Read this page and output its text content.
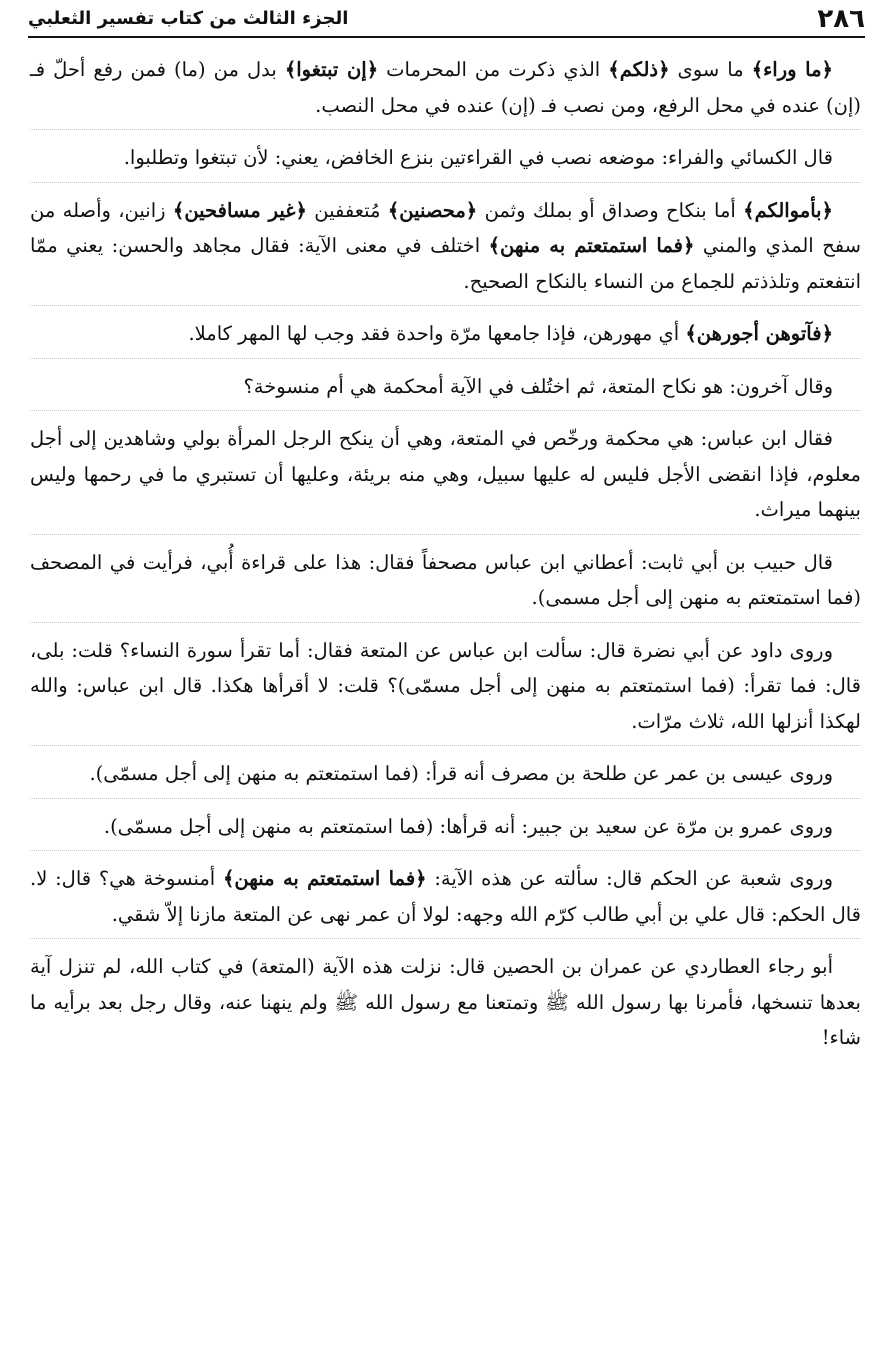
٢٨٦
الجزء الثالث من كتاب تفسير الثعلبي

﴿ما وراء﴾ ما سوى ﴿ذلكم﴾ الذي ذكرت من المحرمات ﴿إن تبتغوا﴾ بدل من (ما) فمن رفع أحلّ فـ (إن) عنده في محل الرفع، ومن نصب فـ (إن) عنده في محل النصب.

قال الكسائي والفراء: موضعه نصب في القراءتين بنزع الخافض، يعني: لأن تبتغوا وتطلبوا.

﴿بأموالكم﴾ أما بنكاح وصداق أو بملك وثمن ﴿محصنين﴾ مُتعففين ﴿غير مسافحين﴾ زانين، وأصله من سفح المذي والمني ﴿فما استمتعتم به منهن﴾ اختلف في معنى الآية: فقال مجاهد والحسن: يعني ممّا انتفعتم وتلذذتم للجماع من النساء بالنكاح الصحيح.

﴿فآتوهن أجورهن﴾ أي مهورهن، فإذا جامعها مرّة واحدة فقد وجب لها المهر كاملا.

وقال آخرون: هو نكاح المتعة، ثم اختُلف في الآية أمحكمة هي أم منسوخة؟

فقال ابن عباس: هي محكمة ورخّص في المتعة، وهي أن ينكح الرجل المرأة بولي وشاهدين إلى أجل معلوم، فإذا انقضى الأجل فليس له عليها سبيل، وهي منه بريئة، وعليها أن تستبري ما في رحمها وليس بينهما ميراث.

قال حبيب بن أبي ثابت: أعطاني ابن عباس مصحفاً فقال: هذا على قراءة أُبي، فرأيت في المصحف (فما استمتعتم به منهن إلى أجل مسمى).

وروى داود عن أبي نضرة قال: سألت ابن عباس عن المتعة فقال: أما تقرأ سورة النساء؟ قلت: بلى، قال: فما تقرأ: (فما استمتعتم به منهن إلى أجل مسمّى)؟ قلت: لا أقرأها هكذا. قال ابن عباس: والله لهكذا أنزلها الله، ثلاث مرّات.

وروى عيسى بن عمر عن طلحة بن مصرف أنه قرأ: (فما استمتعتم به منهن إلى أجل مسمّى).

وروى عمرو بن مرّة عن سعيد بن جبير: أنه قرأها: (فما استمتعتم به منهن إلى أجل مسمّى).

وروى شعبة عن الحكم قال: سألته عن هذه الآية: ﴿فما استمتعتم به منهن﴾ أمنسوخة هي؟ قال: لا. قال الحكم: قال علي بن أبي طالب كرّم الله وجهه: لولا أن عمر نهى عن المتعة مازنا إلاّ شقي.

أبو رجاء العطاردي عن عمران بن الحصين قال: نزلت هذه الآية (المتعة) في كتاب الله، لم تنزل آية بعدها تنسخها، فأمرنا بها رسول الله ﷺ وتمتعنا مع رسول الله ﷺ ولم ينهنا عنه، وقال رجل بعد برأيه ما شاء!
